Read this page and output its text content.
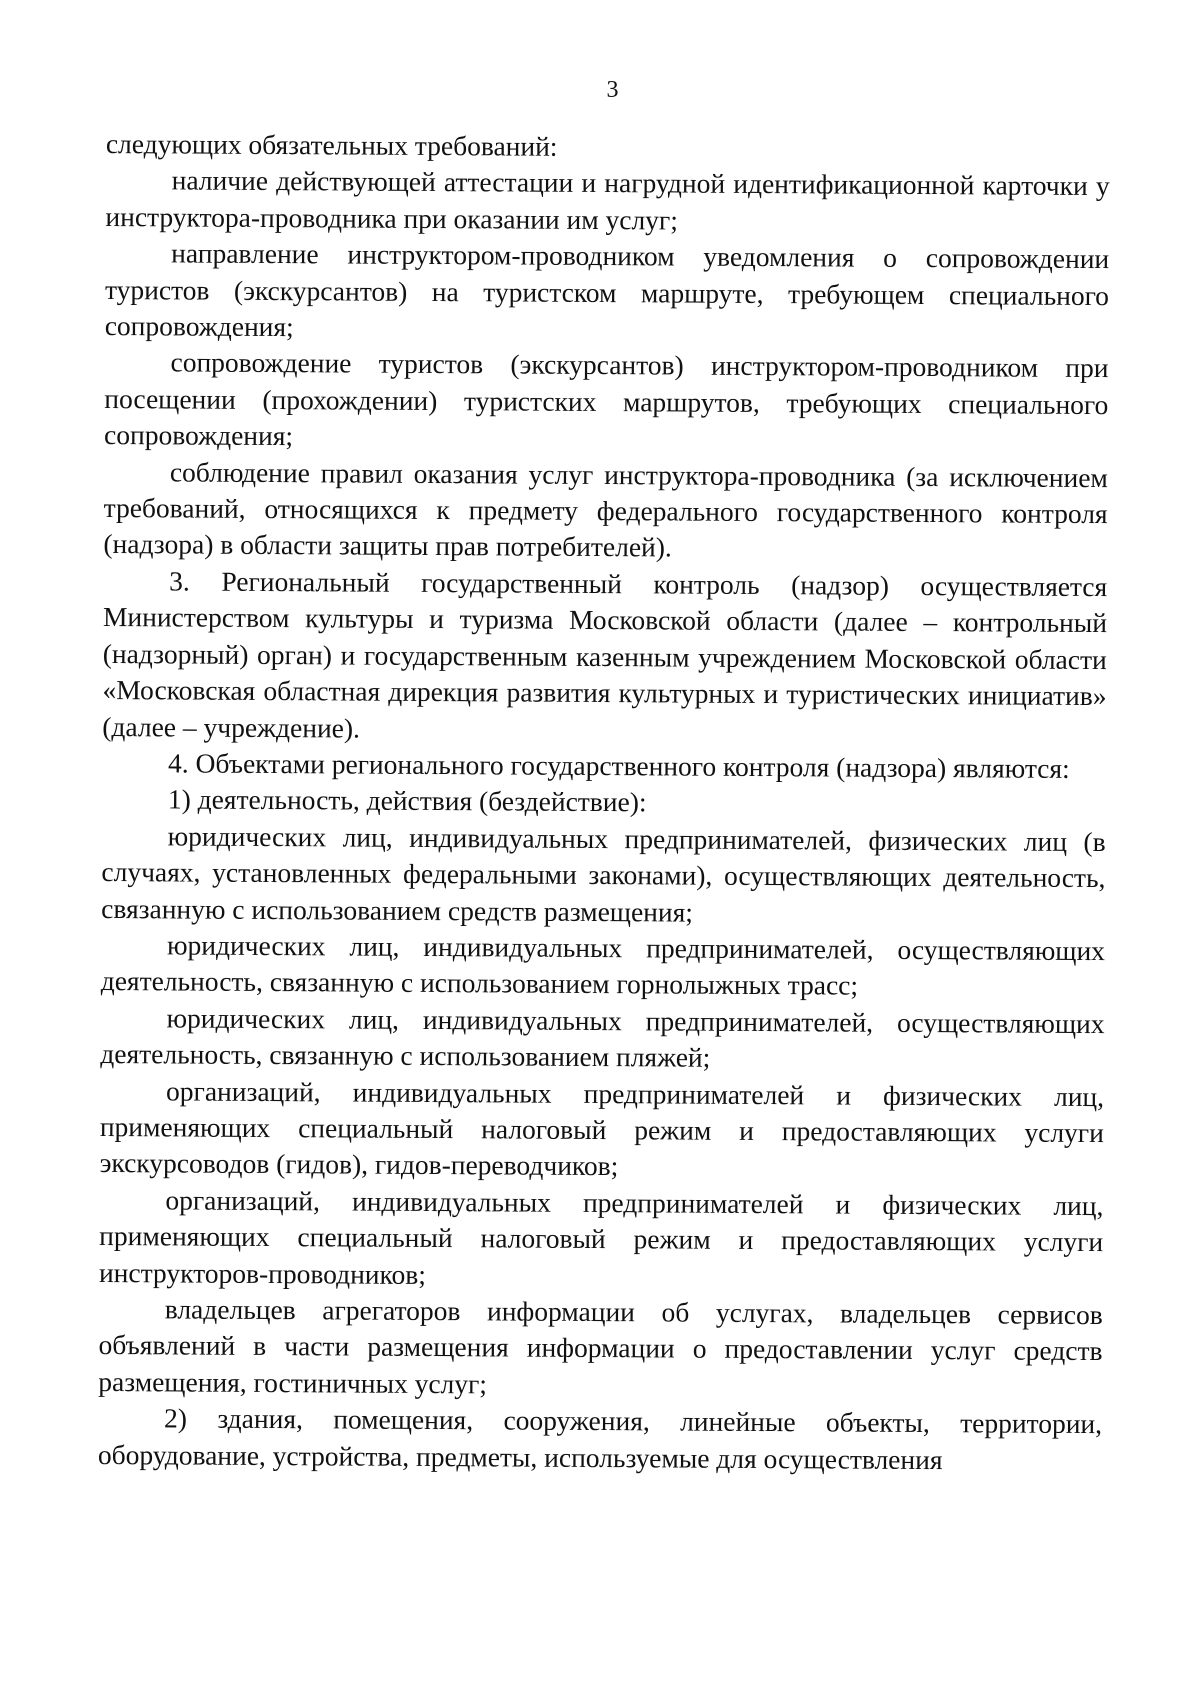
3

следующих обязательных требований:

наличие действующей аттестации и нагрудной идентификационной карточки у инструктора-проводника при оказании им услуг;

направление инструктором-проводником уведомления о сопровождении туристов (экскурсантов) на туристском маршруте, требующем специального сопровождения;

сопровождение туристов (экскурсантов) инструктором-проводником при посещении (прохождении) туристских маршрутов, требующих специального сопровождения;

соблюдение правил оказания услуг инструктора-проводника (за исключением требований, относящихся к предмету федерального государственного контроля (надзора) в области защиты прав потребителей).

3. Региональный государственный контроль (надзор) осуществляется Министерством культуры и туризма Московской области (далее – контрольный (надзорный) орган) и государственным казенным учреждением Московской области «Московская областная дирекция развития культурных и туристических инициатив» (далее – учреждение).

4. Объектами регионального государственного контроля (надзора) являются:

1) деятельность, действия (бездействие):

юридических лиц, индивидуальных предпринимателей, физических лиц (в случаях, установленных федеральными законами), осуществляющих деятельность, связанную с использованием средств размещения;

юридических лиц, индивидуальных предпринимателей, осуществляющих деятельность, связанную с использованием горнолыжных трасс;

юридических лиц, индивидуальных предпринимателей, осуществляющих деятельность, связанную с использованием пляжей;

организаций, индивидуальных предпринимателей и физических лиц, применяющих специальный налоговый режим и предоставляющих услуги экскурсоводов (гидов), гидов-переводчиков;

организаций, индивидуальных предпринимателей и физических лиц, применяющих специальный налоговый режим и предоставляющих услуги инструкторов-проводников;

владельцев агрегаторов информации об услугах, владельцев сервисов объявлений в части размещения информации о предоставлении услуг средств размещения, гостиничных услуг;

2) здания, помещения, сооружения, линейные объекты, территории, оборудование, устройства, предметы, используемые для осуществления
